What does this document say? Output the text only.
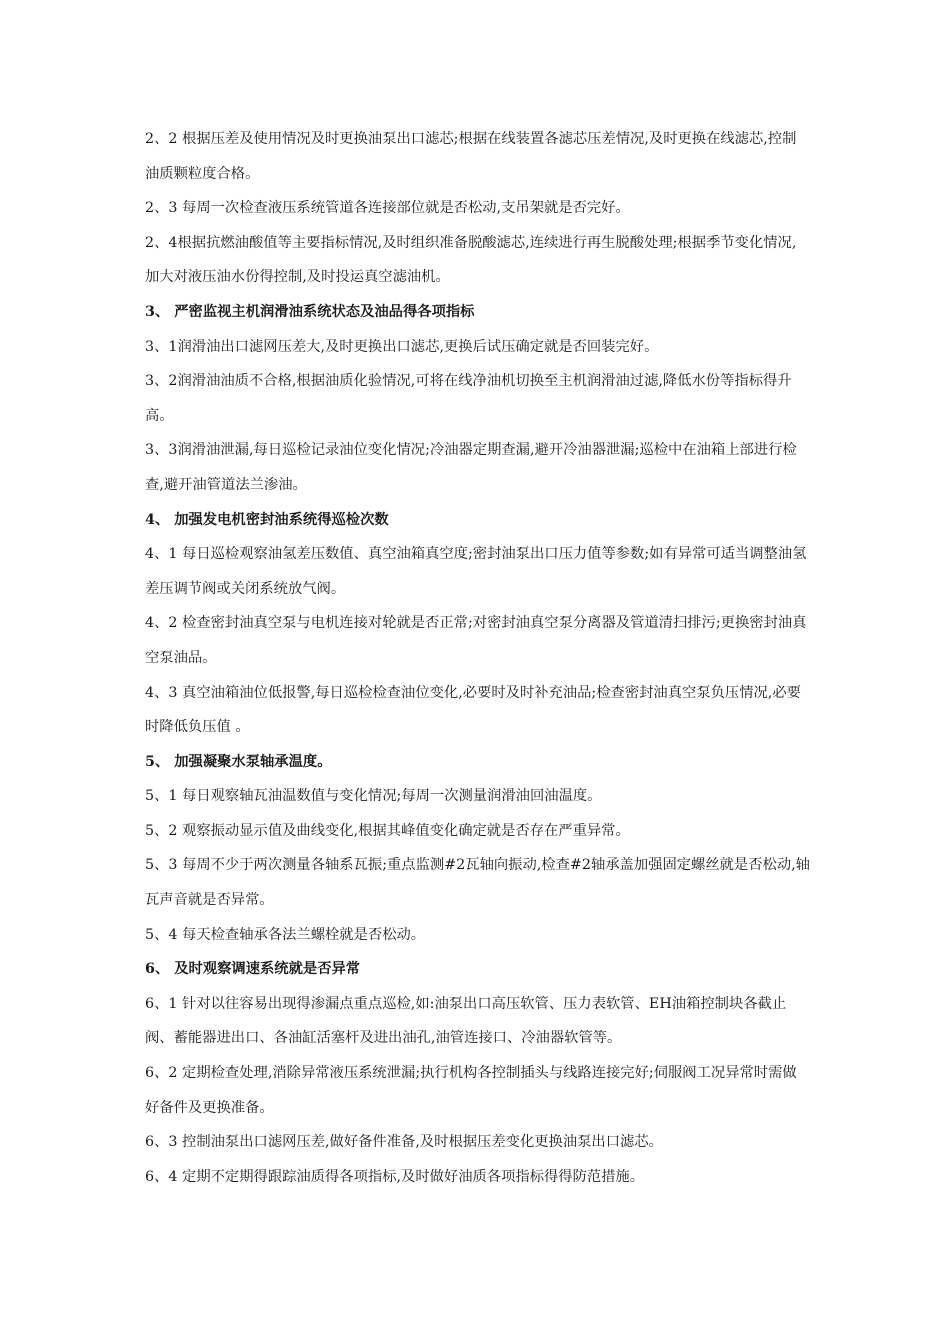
2、2 根据压差及使用情况及时更换油泵出口滤芯;根据在线装置各滤芯压差情况,及时更换在线滤芯,控制油质颗粒度合格。

2、3 每周一次检查液压系统管道各连接部位就是否松动,支吊架就是否完好。

2、4根据抗燃油酸值等主要指标情况,及时组织准备脱酸滤芯,连续进行再生脱酸处理;根据季节变化情况,加大对液压油水份得控制,及时投运真空滤油机。

3、 严密监视主机润滑油系统状态及油品得各项指标

3、1润滑油出口滤网压差大,及时更换出口滤芯,更换后试压确定就是否回装完好。

3、2润滑油油质不合格,根据油质化验情况,可将在线净油机切换至主机润滑油过滤,降低水份等指标得升高。

3、3润滑油泄漏,每日巡检记录油位变化情况;冷油器定期查漏,避开冷油器泄漏;巡检中在油箱上部进行检查,避开油管道法兰渗油。

4、 加强发电机密封油系统得巡检次数

4、1 每日巡检观察油氢差压数值、真空油箱真空度;密封油泵出口压力值等参数;如有异常可适当调整油氢差压调节阀或关闭系统放气阀。

4、2 检查密封油真空泵与电机连接对轮就是否正常;对密封油真空泵分离器及管道清扫排污;更换密封油真空泵油品。

4、3 真空油箱油位低报警,每日巡检检查油位变化,必要时及时补充油品;检查密封油真空泵负压情况,必要时降低负压值 。

5、 加强凝聚水泵轴承温度。

5、1 每日观察轴瓦油温数值与变化情况;每周一次测量润滑油回油温度。

5、2 观察振动显示值及曲线变化,根据其峰值变化确定就是否存在严重异常。

5、3 每周不少于两次测量各轴系瓦振;重点监测#2瓦轴向振动,检查#2轴承盖加强固定螺丝就是否松动,轴瓦声音就是否异常。

5、4 每天检查轴承各法兰螺栓就是否松动。

6、 及时观察调速系统就是否异常

6、1 针对以往容易出现得渗漏点重点巡检,如:油泵出口高压软管、压力表软管、EH油箱控制块各截止阀、蓄能器进出口、各油缸活塞杆及进出油孔,油管连接口、冷油器软管等。

6、2 定期检查处理,消除异常液压系统泄漏;执行机构各控制插头与线路连接完好;伺服阀工况异常时需做好备件及更换准备。

6、3 控制油泵出口滤网压差,做好备件准备,及时根据压差变化更换油泵出口滤芯。

6、4 定期不定期得跟踪油质得各项指标,及时做好油质各项指标得得防范措施。
